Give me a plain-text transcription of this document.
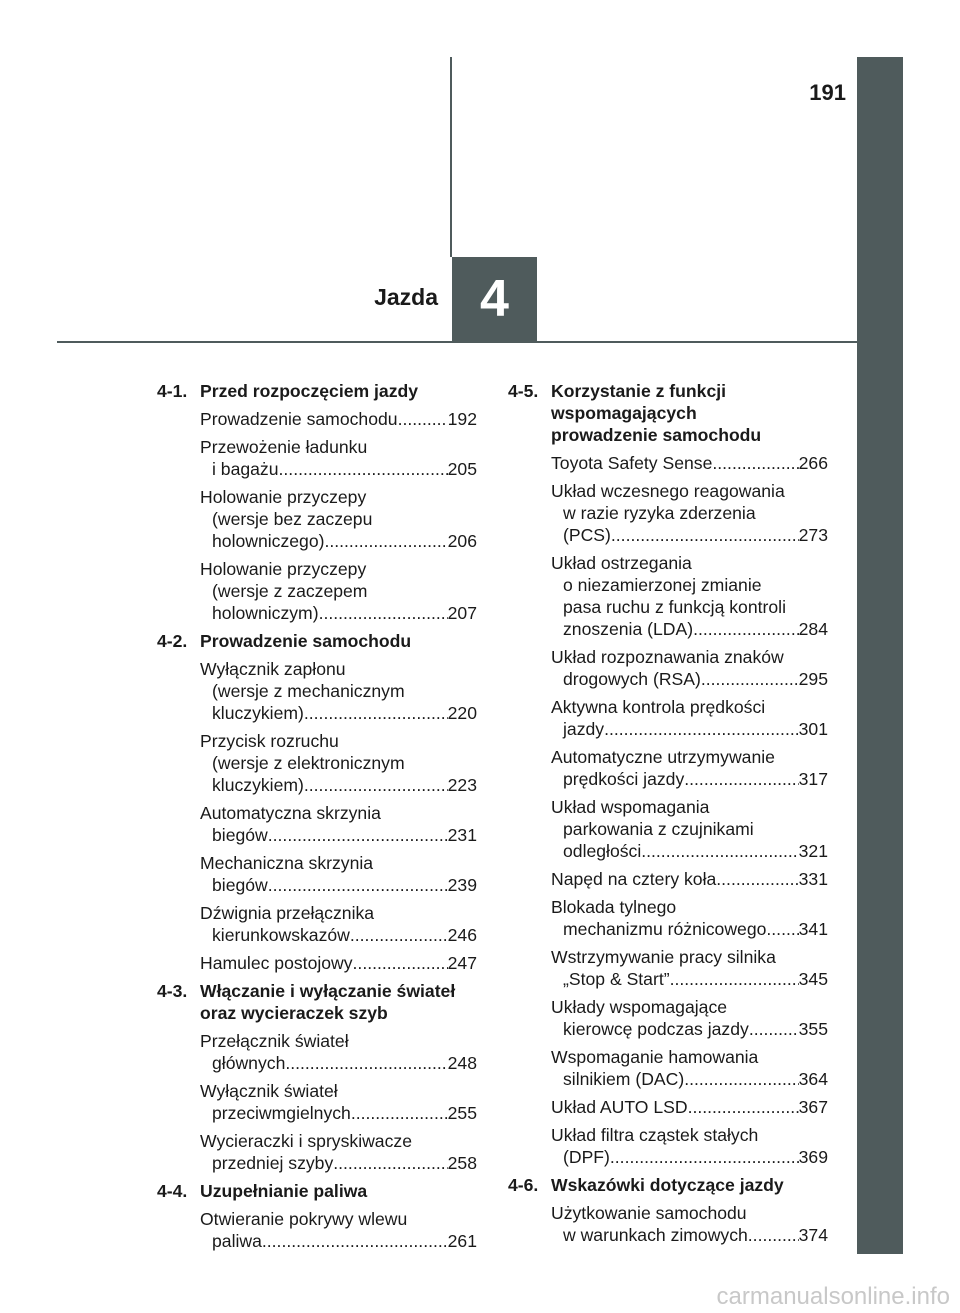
191
Jazda 4
4-1. Przed rozpoczęciem jazdy
Prowadzenie samochodu .....	192
Przewożenie ładunku
i bagażu .....	205
Holowanie przyczepy
(wersje bez zaczepu
holowniczego) .....	206
Holowanie przyczepy
(wersje z zaczepem
holowniczym) .....	207
4-2. Prowadzenie samochodu
Wyłącznik zapłonu
(wersje z mechanicznym
kluczykiem) .....	220
Przycisk rozruchu
(wersje z elektronicznym
kluczykiem) .....	223
Automatyczna skrzynia
biegów .....	231
Mechaniczna skrzynia
biegów .....	239
Dźwignia przełącznika
kierunkowskazów .....	246
Hamulec postojowy .....	247
4-3. Włączanie i wyłączanie świateł
oraz wycieraczek szyb
Przełącznik świateł
głównych .....	248
Wyłącznik świateł
przeciwmgielnych .....	255
Wycieraczki i spryskiwacze
przedniej szyby .....	258
4-4. Uzupełnianie paliwa
Otwieranie pokrywy wlewu
paliwa .....	261
4-5. Korzystanie z funkcji
wspomagających
prowadzenie samochodu
Toyota Safety Sense .....	266
Układ wczesnego reagowania
w razie ryzyka zderzenia
(PCS) .....	273
Układ ostrzegania
o niezamierzonej zmianie
pasa ruchu z funkcją kontroli
znoszenia (LDA) .....	284
Układ rozpoznawania znaków
drogowych (RSA) .....	295
Aktywna kontrola prędkości
jazdy .....	301
Automatyczne utrzymywanie
prędkości jazdy .....	317
Układ wspomagania
parkowania z czujnikami
odległości .....	321
Napęd na cztery koła .....	331
Blokada tylnego
mechanizmu różnicowego ..... 341
Wstrzymywanie pracy silnika
„Stop & Start” .....	345
Układy wspomagające
kierowcę podczas jazdy .....	355
Wspomaganie hamowania
silnikiem (DAC) .....	364
Układ AUTO LSD .....	367
Układ filtra cząstek stałych
(DPF) .....	369
4-6. Wskazówki dotyczące jazdy
Użytkowanie samochodu
w warunkach zimowych .....	374
carmanualsonline.info
